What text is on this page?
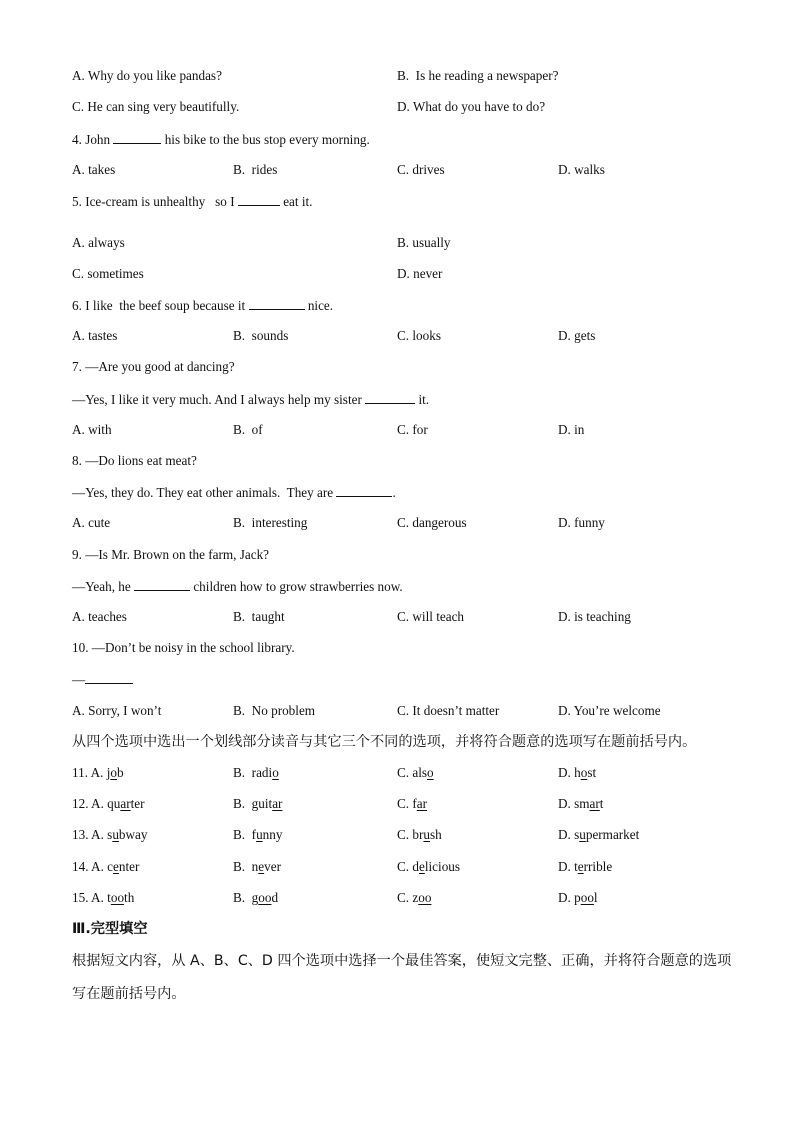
A. Why do you like pandas?	B.  Is he reading a newspaper?
C. He can sing very beautifully.	D. What do you have to do?
4. John	his bike to the bus stop every morning.
A. takes	B.  rides	C. drives	D. walks
5. Ice-cream is unhealthy   so I	eat it.
A. always	B. usually
C. sometimes	D. never
6. I like  the beef soup because it	nice.
A. tastes	B.  sounds	C. looks	D. gets
7. —Are you good at dancing?
—Yes, I like it very much. And I always help my sister	it.
A. with	B.  of	C. for	D. in
8. —Do lions eat meat?
—Yes, they do. They eat other animals.  They are	.
A. cute	B.  interesting	C. dangerous	D. funny
9. —Is Mr. Brown on the farm, Jack?
—Yeah, he	children how to grow strawberries now.
A. teaches	B.  taught	C. will teach	D. is teaching
10. —Don’t be noisy in the school library.
—
A. Sorry, I won’t	B.  No problem	C. It doesn’t matter	D. You’re welcome
从四个选项中选出一个划线部分读音与其它三个不同的选项，并将符合题意的选项写在题前括号内。
11. A. job	B.  radio	C. also	D. host
12. A. quarter	B.  guitar	C. far	D. smart
13. A. subway	B.  funny	C. brush	D. supermarket
14. A. center	B.  never	C. delicious	D. terrible
15. A. tooth	B.  good	C. zoo	D. pool
Ⅲ.完型填空
根据短文内容，从 A、B、C、D 四个选项中选择一个最佳答案，使短文完整、正确，并将符合题意的选项
写在题前括号内。
